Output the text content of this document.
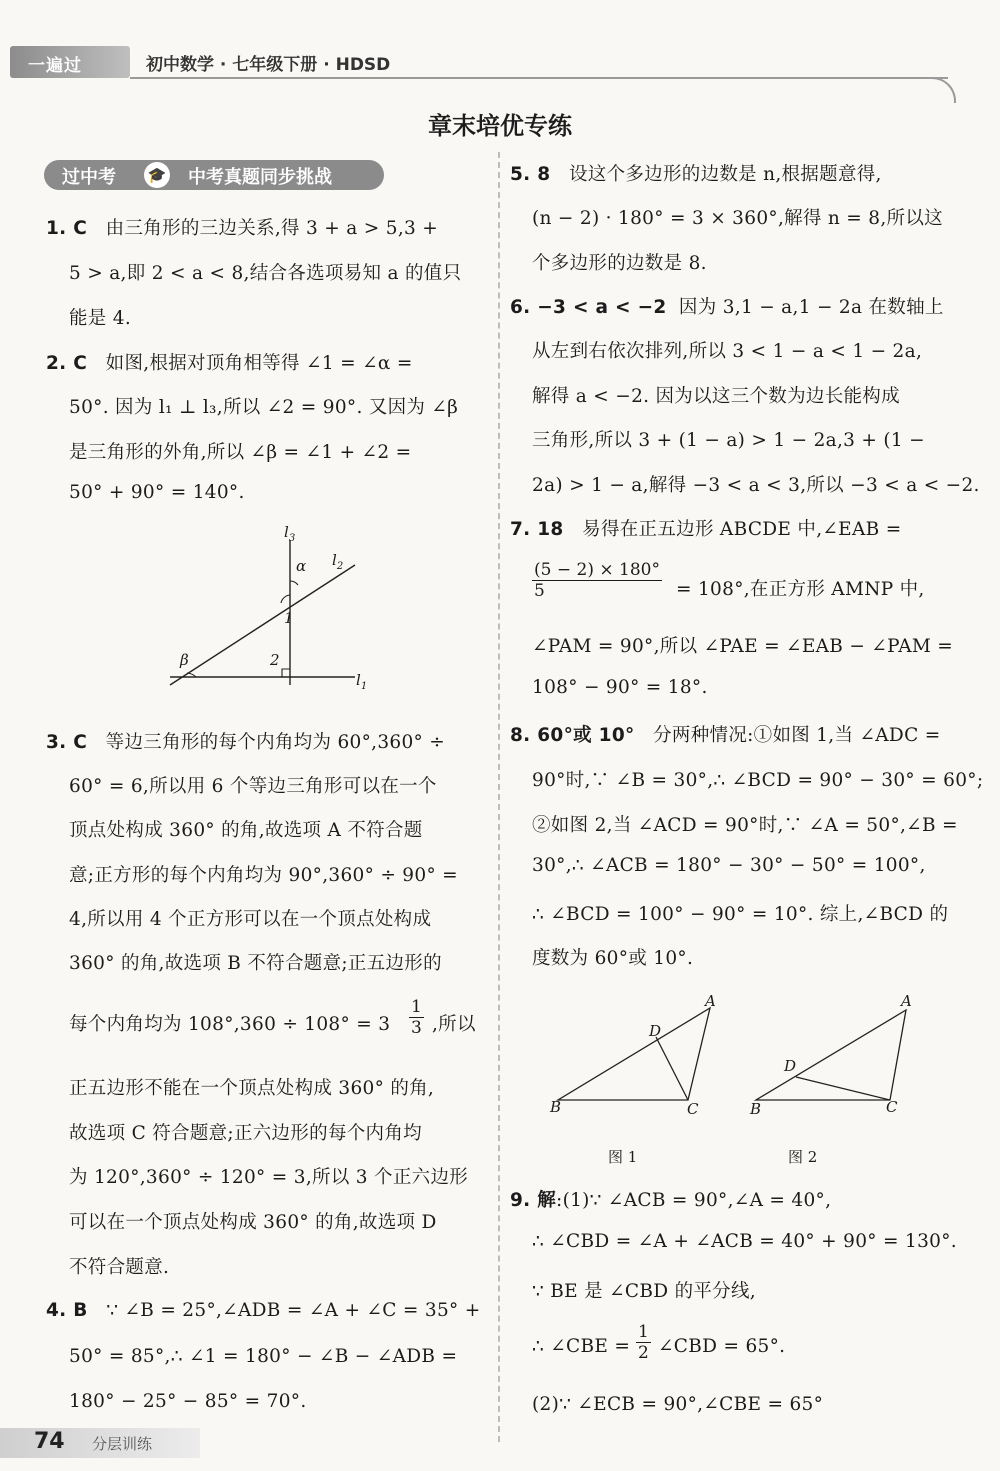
一遍过	初中数学 · 七年级下册 · HDSD
章末培优专练
过中考 🎓 中考真题同步挑战
1. C 由三角形的三边关系,得 3 + a > 5,3 +
5 > a,即 2 < a < 8,结合各选项易知 a 的值只
能是 4.
2. C 如图,根据对顶角相等得 ∠1 = ∠α =
50°. 因为 l₁ ⊥ l₃,所以 ∠2 = 90°. 又因为 ∠β
是三角形的外角,所以 ∠β = ∠1 + ∠2 =
50° + 90° = 140°.
$l_3$
$l_2$
$l_1$
α
1
2
β
3. C 等边三角形的每个内角均为 60°,360° ÷
60° = 6,所以用 6 个等边三角形可以在一个
顶点处构成 360° 的角,故选项 A 不符合题
意;正方形的每个内角均为 90°,360° ÷ 90° =
4,所以用 4 个正方形可以在一个顶点处构成
360° 的角,故选项 B 不符合题意;正五边形的
每个内角均为 $108^\circ,360 \div 108^\circ = 3 \frac{1}{3}$ ,所以
正五边形不能在一个顶点处构成 360° 的角,
故选项 C 符合题意;正六边形的每个内角均
为 120°,360° ÷ 120° = 3,所以 3 个正六边形
可以在一个顶点处构成 360° 的角,故选项 D
不符合题意.
4. B ∵ ∠B = 25°,∠ADB = ∠A + ∠C = 35° +
50° = 85°,∴ ∠1 = 180° − ∠B − ∠ADB =
180° − 25° − 85° = 70°.
5. 8 设这个多边形的边数是 n,根据题意得,
(n − 2) · 180° = 3 × 360°,解得 n = 8,所以这
个多边形的边数是 8.
6. −3 < a < −2 因为 3,1 − a,1 − 2a 在数轴上
从左到右依次排列,所以 3 < 1 − a < 1 − 2a,
解得 a < −2. 因为以这三个数为边长能构成
三角形,所以 3 + (1 − a) > 1 − 2a,3 + (1 −
2a) > 1 − a,解得 −3 < a < 3,所以 −3 < a < −2.
7. 18 易得在正五边形 ABCDE 中,∠EAB =
$\frac{(5 - 2) \times 180^\circ}{5} = 108^\circ$,在正方形 AMNP 中,
∠PAM = 90°,所以 ∠PAE = ∠EAB − ∠PAM =
108° − 90° = 18°.
8. 60°或 10° 分两种情况:①如图 1,当 ∠ADC =
90°时,∵ ∠B = 30°,∴ ∠BCD = 90° − 30° = 60°;
②如图 2,当 ∠ACD = 90°时,∵ ∠A = 50°,∠B =
30°,∴ ∠ACB = 180° − 30° − 50° = 100°,
∴ ∠BCD = 100° − 90° = 10°. 综上,∠BCD 的
度数为 60°或 10°.
A
B	C
D
图 1
A
B	C
D
图 2
9. 解:(1)∵ ∠ACB = 90°,∠A = 40°,
∴ ∠CBD = ∠A + ∠ACB = 40° + 90° = 130°.
∵ BE 是 ∠CBD 的平分线,
∴ ∠CBE = $\frac{1}{2}$ ∠CBD = 65°.
(2)∵ ∠ECB = 90°,∠CBE = 65°
74 分层训练
